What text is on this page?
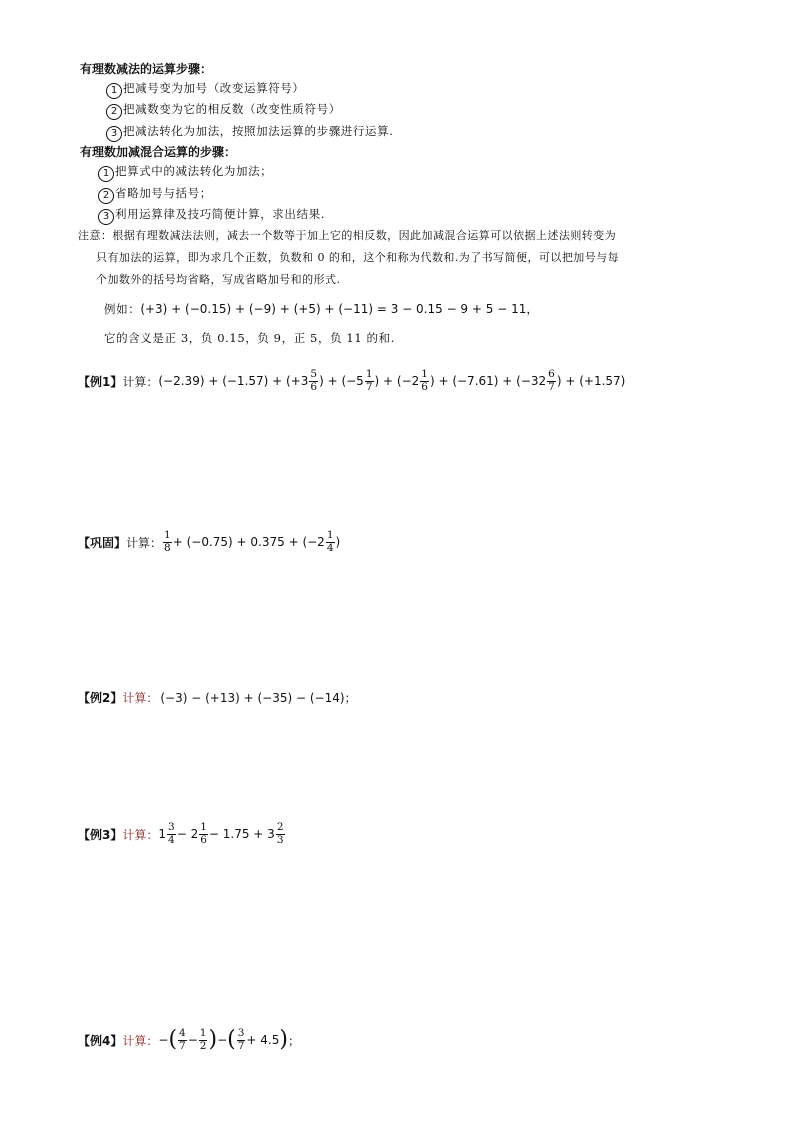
有理数减法的运算步骤：
1 把减号变为加号（改变运算符号）
2 把减数变为它的相反数（改变性质符号）
3 把减法转化为加法，按照加法运算的步骤进行运算.
有理数加减混合运算的步骤：
1 把算式中的减法转化为加法；
2 省略加号与括号；
3 利用运算律及技巧简便计算，求出结果.
注意：根据有理数减法法则，减去一个数等于加上它的相反数，因此加减混合运算可以依据上述法则转变为
只有加法的运算，即为求几个正数，负数和 0 的和，这个和称为代数和.为了书写简便，可以把加号与每
个加数外的括号均省略，写成省略加号和的形式.
例如：(+3) + (−0.15) + (−9) + (+5) + (−11) = 3 − 0.15 − 9 + 5 − 11，
它的含义是正 3，负 0.15，负 9，正 5，负 11 的和.
【例1】 计算： $(-2.39) + (-1.57) + (+3 \frac{5}{6}$ ) + ($-5 \frac{1}{7}$ ) + ($-2 \frac{1}{6}$ ) + $(-7.61) + (-32 \frac{6}{7}$ ) + (+1.57)
【巩固】 计算： $\frac{1}{8} + (-0.75) + 0.375 + (-2 \frac{1}{4}$ )
【例2】 计算： (−3) − (+13) + (−35) − (−14)；
【例3】 计算： $1 \frac{3}{4} - 2 \frac{1}{6} - 1.75 + 3 \frac{2}{3}$
【例4】 计算： − ( $\frac{4}{7} - \frac{1}{2}$ ) − ( $\frac{3}{7} + 4.5$ ) ；
